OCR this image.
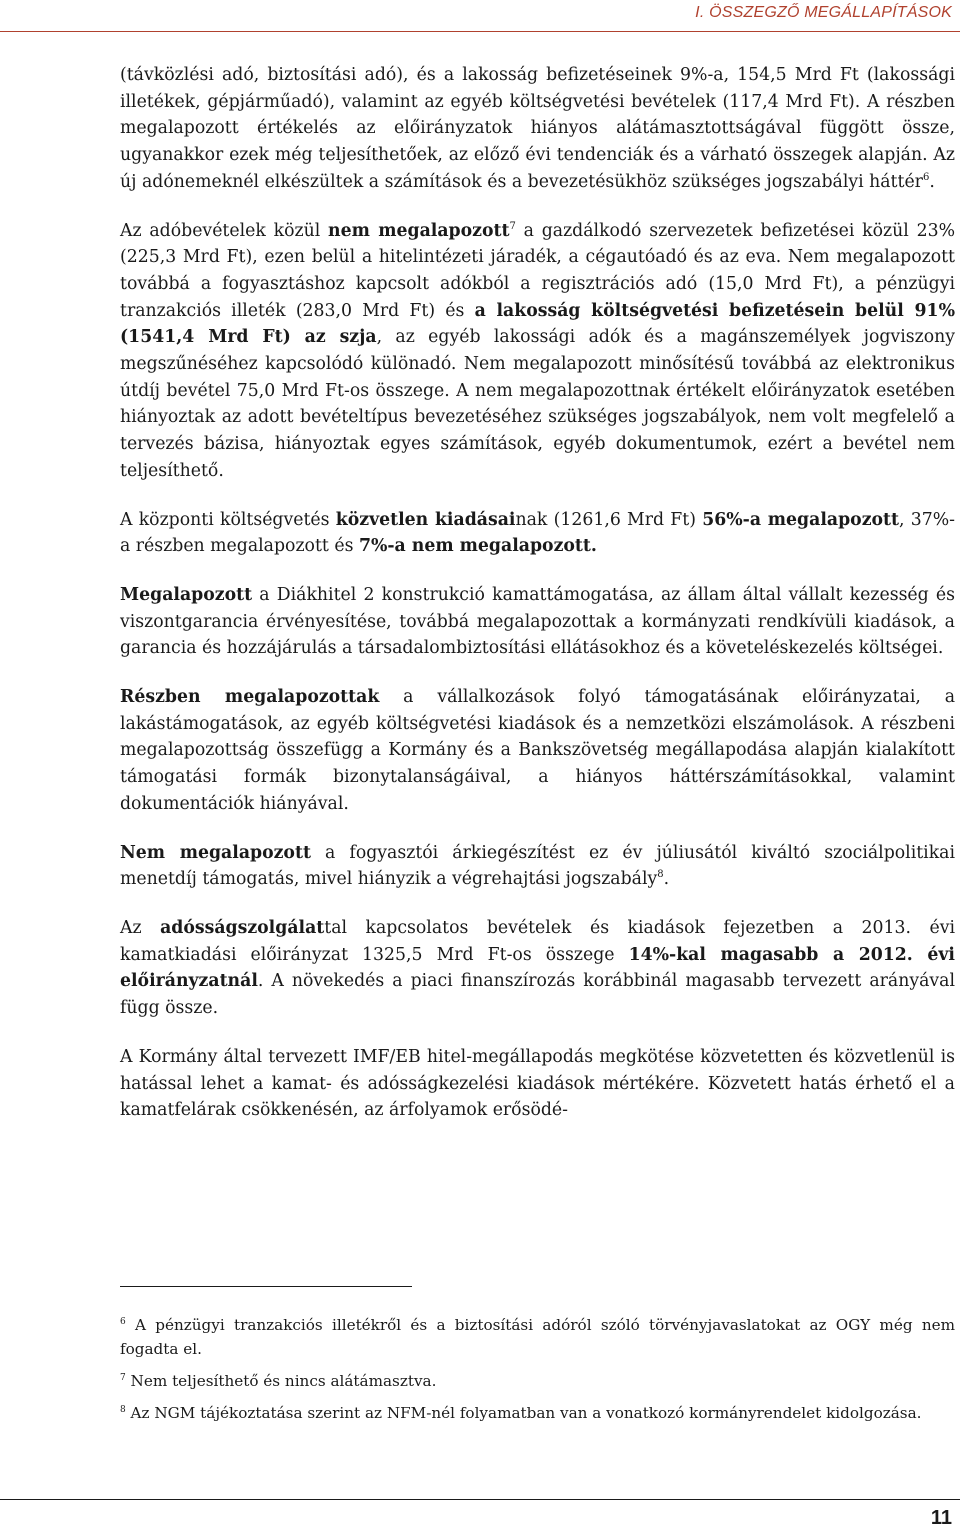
I. ÖSSZEGZŐ MEGÁLLAPÍTÁSOK

(távközlési adó, biztosítási adó), és a lakosság befizetéseinek 9%-a, 154,5 Mrd Ft (lakossági illetékek, gépjárműadó), valamint az egyéb költségvetési bevételek (117,4 Mrd Ft). A részben megalapozott értékelés az előirányzatok hiányos alátámasztottságával függött össze, ugyanakkor ezek még teljesíthetőek, az előző évi tendenciák és a várható összegek alapján. Az új adónemeknél elkészültek a számítások és a bevezetésükhöz szükséges jogszabályi háttér$^6$.

Az adóbevételek közül nem megalapozott$^7$ a gazdálkodó szervezetek befizetései közül 23% (225,3 Mrd Ft), ezen belül a hitelintézeti járadék, a cégautóadó és az eva. Nem megalapozott továbbá a fogyasztáshoz kapcsolt adókból a regisztrációs adó (15,0 Mrd Ft), a pénzügyi tranzakciós illeték (283,0 Mrd Ft) és a lakosság költségvetési befizetésein belül 91% (1541,4 Mrd Ft) az szja, az egyéb lakossági adók és a magánszemélyek jogviszony megszűnéséhez kapcsolódó különadó. Nem megalapozott minősítésű továbbá az elektronikus útdíj bevétel 75,0 Mrd Ft-os összege. A nem megalapozottnak értékelt előirányzatok esetében hiányoztak az adott bevételtípus bevezetéséhez szükséges jogszabályok, nem volt megfelelő a tervezés bázisa, hiányoztak egyes számítások, egyéb dokumentumok, ezért a bevétel nem teljesíthető.

A központi költségvetés közvetlen kiadásainak (1261,6 Mrd Ft) 56%-a megalapozott, 37%-a részben megalapozott és 7%-a nem megalapozott.

Megalapozott a Diákhitel 2 konstrukció kamattámogatása, az állam által vállalt kezesség és viszontgarancia érvényesítése, továbbá megalapozottak a kormányzati rendkívüli kiadások, a garancia és hozzájárulás a társadalombiztosítási ellátásokhoz és a követeléskezelés költségei.

Részben megalapozottak a vállalkozások folyó támogatásának előirányzatai, a lakástámogatások, az egyéb költségvetési kiadások és a nemzetközi elszámolások. A részbeni megalapozottság összefügg a Kormány és a Bankszövetség megállapodása alapján kialakított támogatási formák bizonytalanságáival, a hiányos háttérszámításokkal, valamint dokumentációk hiányával.

Nem megalapozott a fogyasztói árkiegészítést ez év júliusától kiváltó szociálpolitikai menetdíj támogatás, mivel hiányzik a végrehajtási jogszabály$^8$.

Az adósságszolgálattal kapcsolatos bevételek és kiadások fejezetben a 2013. évi kamatkiadási előirányzat 1325,5 Mrd Ft-os összege 14%-kal magasabb a 2012. évi előirányzatnál. A növekedés a piaci finanszírozás korábbinál magasabb tervezett arányával függ össze.

A Kormány által tervezett IMF/EB hitel-megállapodás megkötése közvetetten és közvetlenül is hatással lehet a kamat- és adósságkezelési kiadások mértékére. Közvetett hatás érhető el a kamatfelárak csökkenésén, az árfolyamok erősödé-

$^6$ A pénzügyi tranzakciós illetékről és a biztosítási adóról szóló törvényjavaslatokat az OGY még nem fogadta el.

$^7$ Nem teljesíthető és nincs alátámasztva.

$^8$ Az NGM tájékoztatása szerint az NFM-nél folyamatban van a vonatkozó kormányrendelet kidolgozása.

11
